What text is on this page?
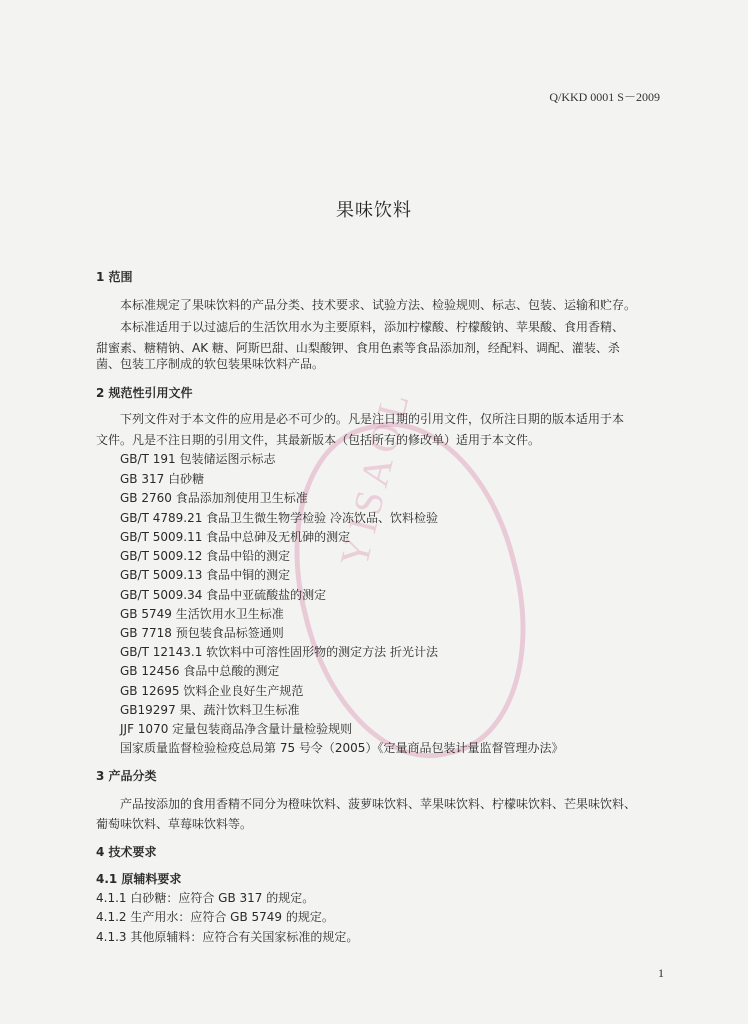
Q/KKD 0001 S－2009
果味饮料
YISAOL
1 范围
本标准规定了果味饮料的产品分类、技术要求、试验方法、检验规则、标志、包装、运输和贮存。
本标准适用于以过滤后的生活饮用水为主要原料，添加柠檬酸、柠檬酸钠、苹果酸、食用香精、
甜蜜素、糖精钠、AK 糖、阿斯巴甜、山梨酸钾、食用色素等食品添加剂，经配料、调配、灌装、杀
菌、包装工序制成的软包装果味饮料产品。
2 规范性引用文件
下列文件对于本文件的应用是必不可少的。凡是注日期的引用文件，仅所注日期的版本适用于本
文件。凡是不注日期的引用文件，其最新版本（包括所有的修改单）适用于本文件。
GB/T 191 包装储运图示标志
GB 317 白砂糖
GB 2760 食品添加剂使用卫生标准
GB/T 4789.21 食品卫生微生物学检验 冷冻饮品、饮料检验
GB/T 5009.11 食品中总砷及无机砷的测定
GB/T 5009.12 食品中铅的测定
GB/T 5009.13 食品中铜的测定
GB/T 5009.34 食品中亚硫酸盐的测定
GB 5749 生活饮用水卫生标准
GB 7718 预包装食品标签通则
GB/T 12143.1 软饮料中可溶性固形物的测定方法 折光计法
GB 12456 食品中总酸的测定
GB 12695 饮料企业良好生产规范
GB19297 果、蔬汁饮料卫生标准
JJF 1070 定量包装商品净含量计量检验规则
国家质量监督检验检疫总局第 75 号令（2005）《定量商品包装计量监督管理办法》
3 产品分类
产品按添加的食用香精不同分为橙味饮料、菠萝味饮料、苹果味饮料、柠檬味饮料、芒果味饮料、
葡萄味饮料、草莓味饮料等。
4 技术要求
4.1 原辅料要求
4.1.1 白砂糖：应符合 GB 317 的规定。
4.1.2 生产用水：应符合 GB 5749 的规定。
4.1.3 其他原辅料：应符合有关国家标准的规定。
1
